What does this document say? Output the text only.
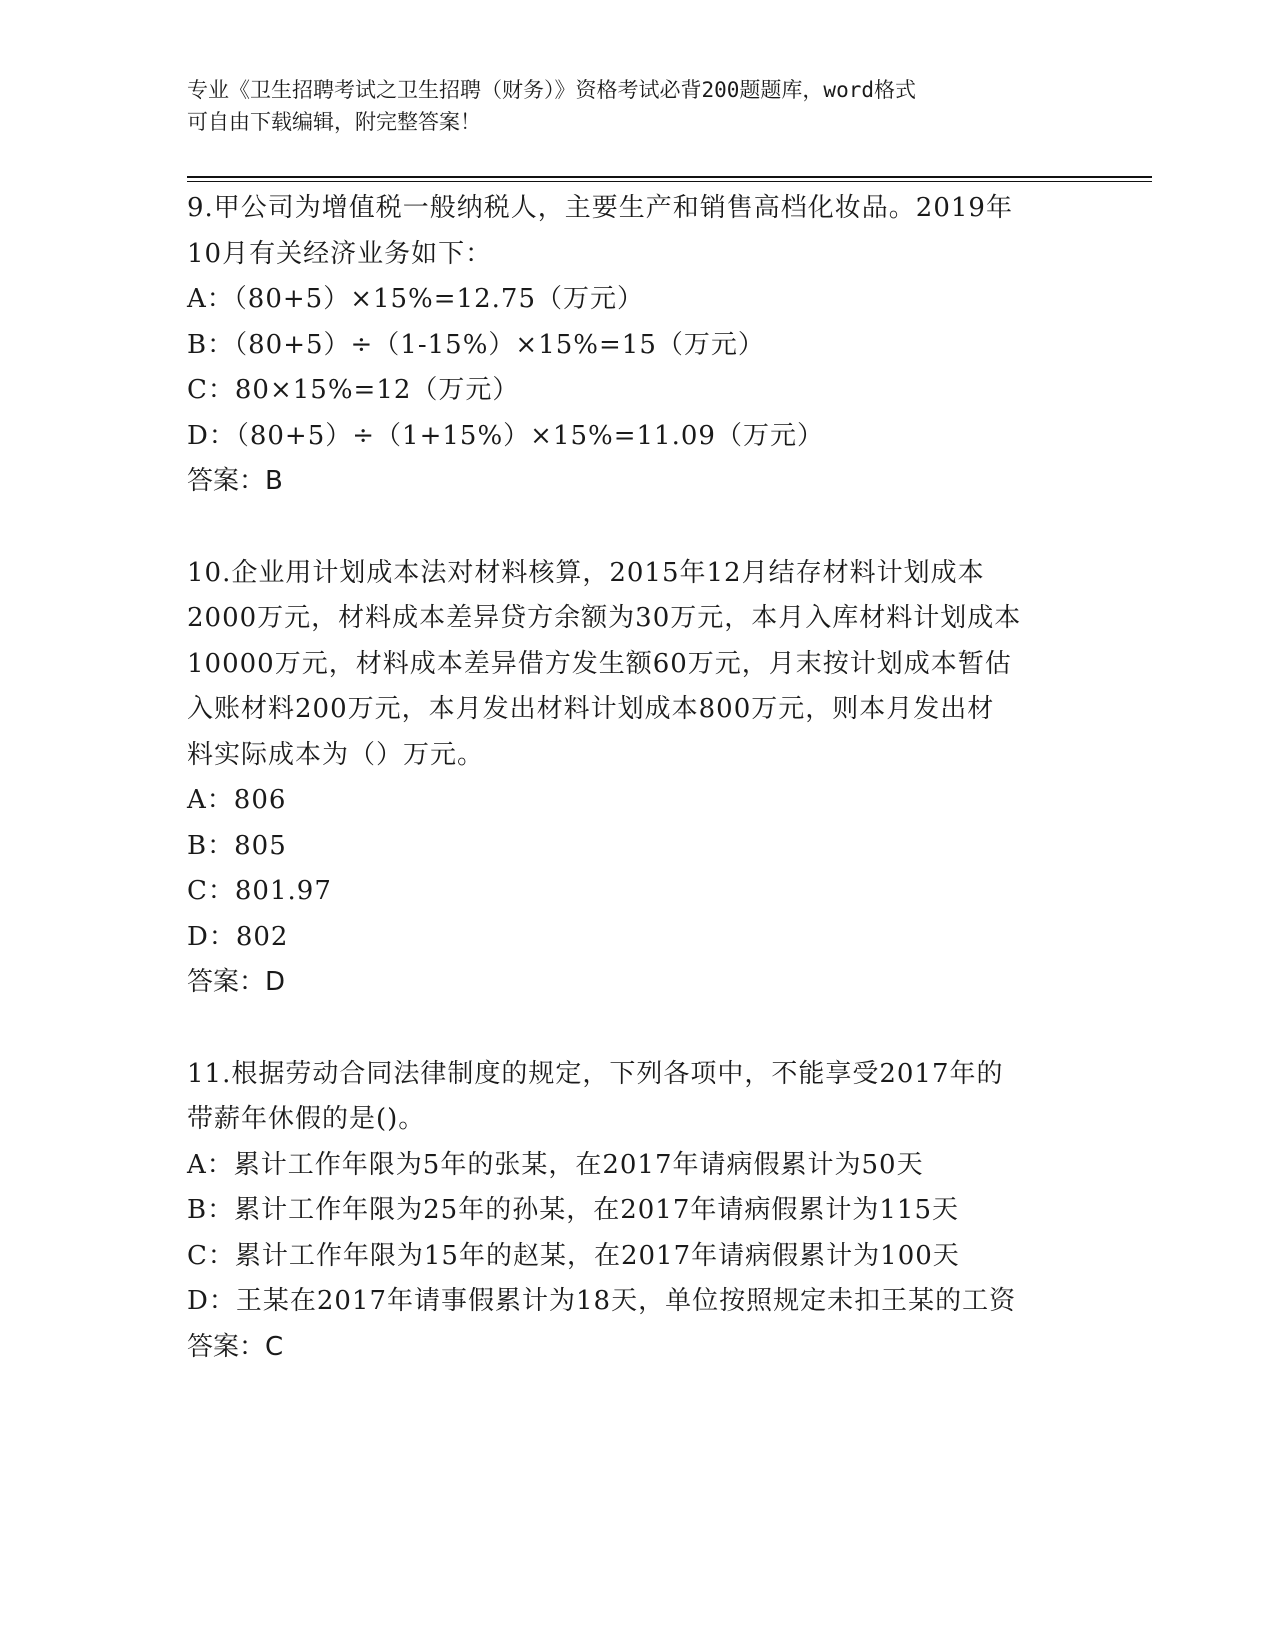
专业《卫生招聘考试之卫生招聘（财务）》资格考试必背200题题库，word格式
可自由下载编辑，附完整答案！
9.甲公司为增值税一般纳税人，主要生产和销售高档化妆品。2019年
10月有关经济业务如下：
A：（80+5）×15%=12.75（万元）
B：（80+5）÷（1-15%）×15%=15（万元）
C：80×15%=12（万元）
D：（80+5）÷（1+15%）×15%=11.09（万元）
答案：B
10.企业用计划成本法对材料核算，2015年12月结存材料计划成本
2000万元，材料成本差异贷方余额为30万元，本月入库材料计划成本
10000万元，材料成本差异借方发生额60万元，月末按计划成本暂估
入账材料200万元，本月发出材料计划成本800万元，则本月发出材
料实际成本为（）万元。
A：806
B：805
C：801.97
D：802
答案：D
11.根据劳动合同法律制度的规定，下列各项中，不能享受2017年的
带薪年休假的是()。
A：累计工作年限为5年的张某，在2017年请病假累计为50天
B：累计工作年限为25年的孙某，在2017年请病假累计为115天
C：累计工作年限为15年的赵某，在2017年请病假累计为100天
D：王某在2017年请事假累计为18天，单位按照规定未扣王某的工资
答案：C
